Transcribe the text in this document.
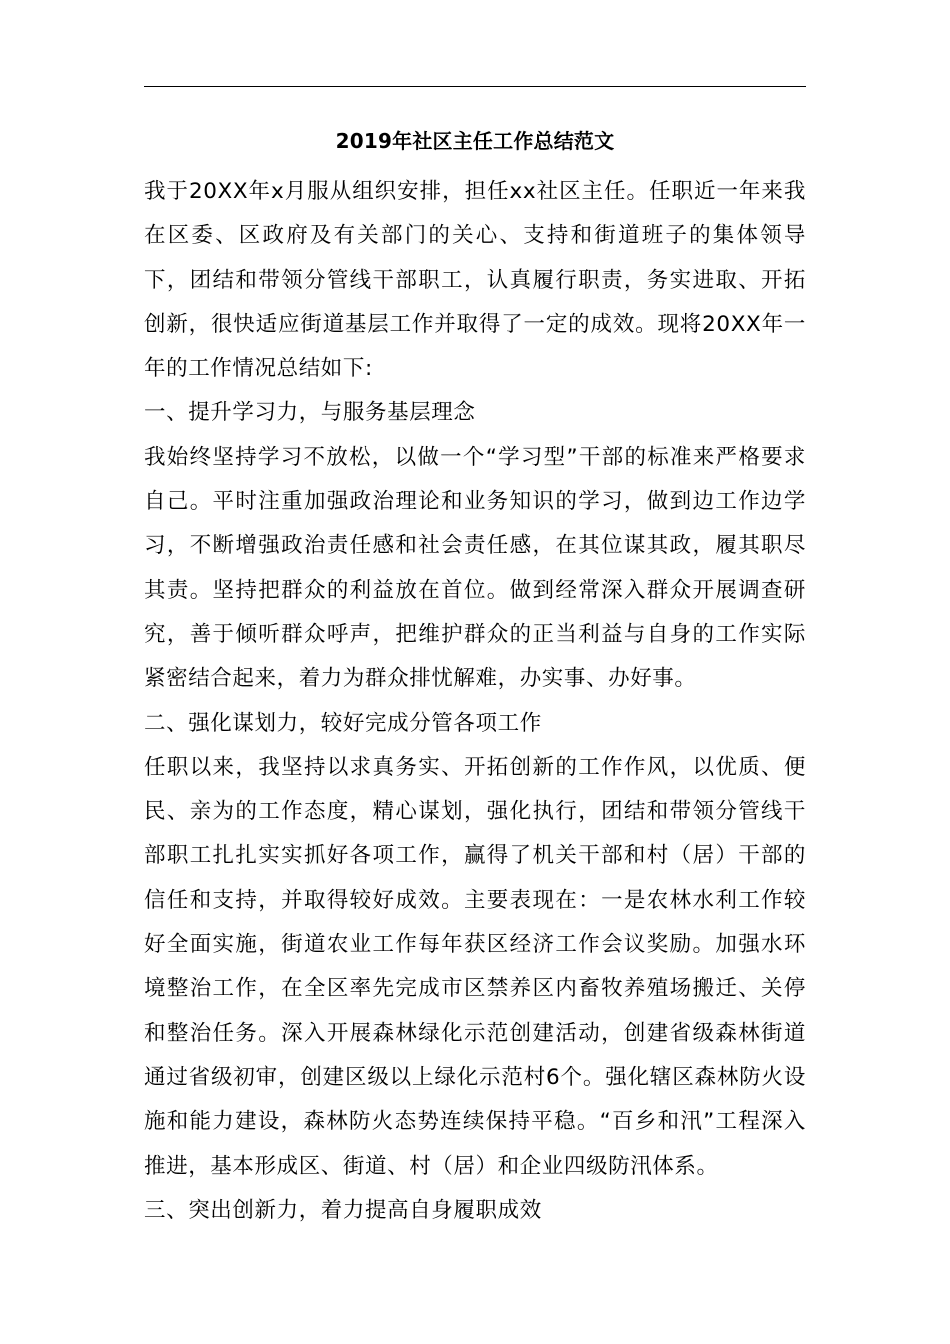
2019年社区主任工作总结范文

我于20XX年x月服从组织安排，担任xx社区主任。任职近一年来我在区委、区政府及有关部门的关心、支持和街道班子的集体领导下，团结和带领分管线干部职工，认真履行职责，务实进取、开拓创新，很快适应街道基层工作并取得了一定的成效。现将20XX年一年的工作情况总结如下:

一、提升学习力，与服务基层理念

我始终坚持学习不放松，以做一个“学习型”干部的标准来严格要求自己。平时注重加强政治理论和业务知识的学习，做到边工作边学习，不断增强政治责任感和社会责任感，在其位谋其政，履其职尽其责。坚持把群众的利益放在首位。做到经常深入群众开展调查研究，善于倾听群众呼声，把维护群众的正当利益与自身的工作实际紧密结合起来，着力为群众排忧解难，办实事、办好事。

二、强化谋划力，较好完成分管各项工作

任职以来，我坚持以求真务实、开拓创新的工作作风，以优质、便民、亲为的工作态度，精心谋划，强化执行，团结和带领分管线干部职工扎扎实实抓好各项工作，赢得了机关干部和村（居）干部的信任和支持，并取得较好成效。主要表现在：一是农林水利工作较好全面实施，街道农业工作每年获区经济工作会议奖励。加强水环境整治工作，在全区率先完成市区禁养区内畜牧养殖场搬迁、关停和整治任务。深入开展森林绿化示范创建活动，创建省级森林街道通过省级初审，创建区级以上绿化示范村6个。强化辖区森林防火设施和能力建设，森林防火态势连续保持平稳。“百乡和汛”工程深入推进，基本形成区、街道、村（居）和企业四级防汛体系。

三、突出创新力，着力提高自身履职成效
